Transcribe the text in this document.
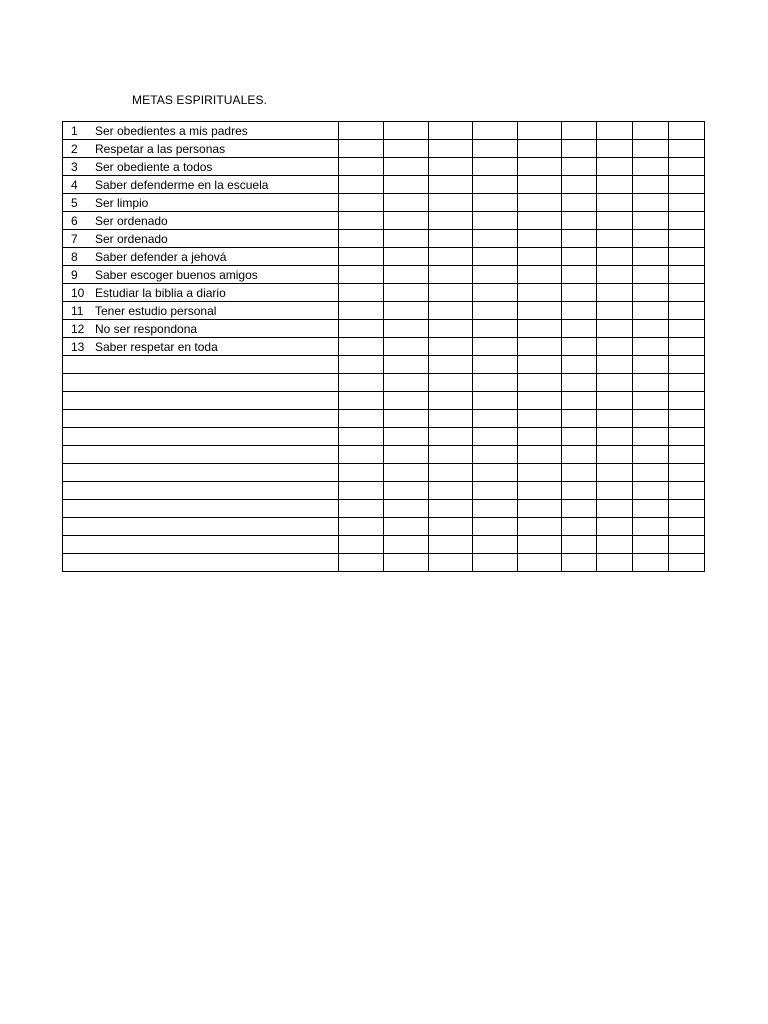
METAS ESPIRITUALES.
1 Ser obedientes a mis padres									
2 Respetar a las personas									
3 Ser obediente a todos									
4 Saber defenderme en la escuela									
5 Ser limpio									
6 Ser ordenado									
7 Ser ordenado									
8 Saber defender a jehová									
9 Saber escoger buenos amigos									
10 Estudiar la biblia a diario									
11 Tener estudio personal									
12 No ser respondona									
13 Saber respetar en toda									
